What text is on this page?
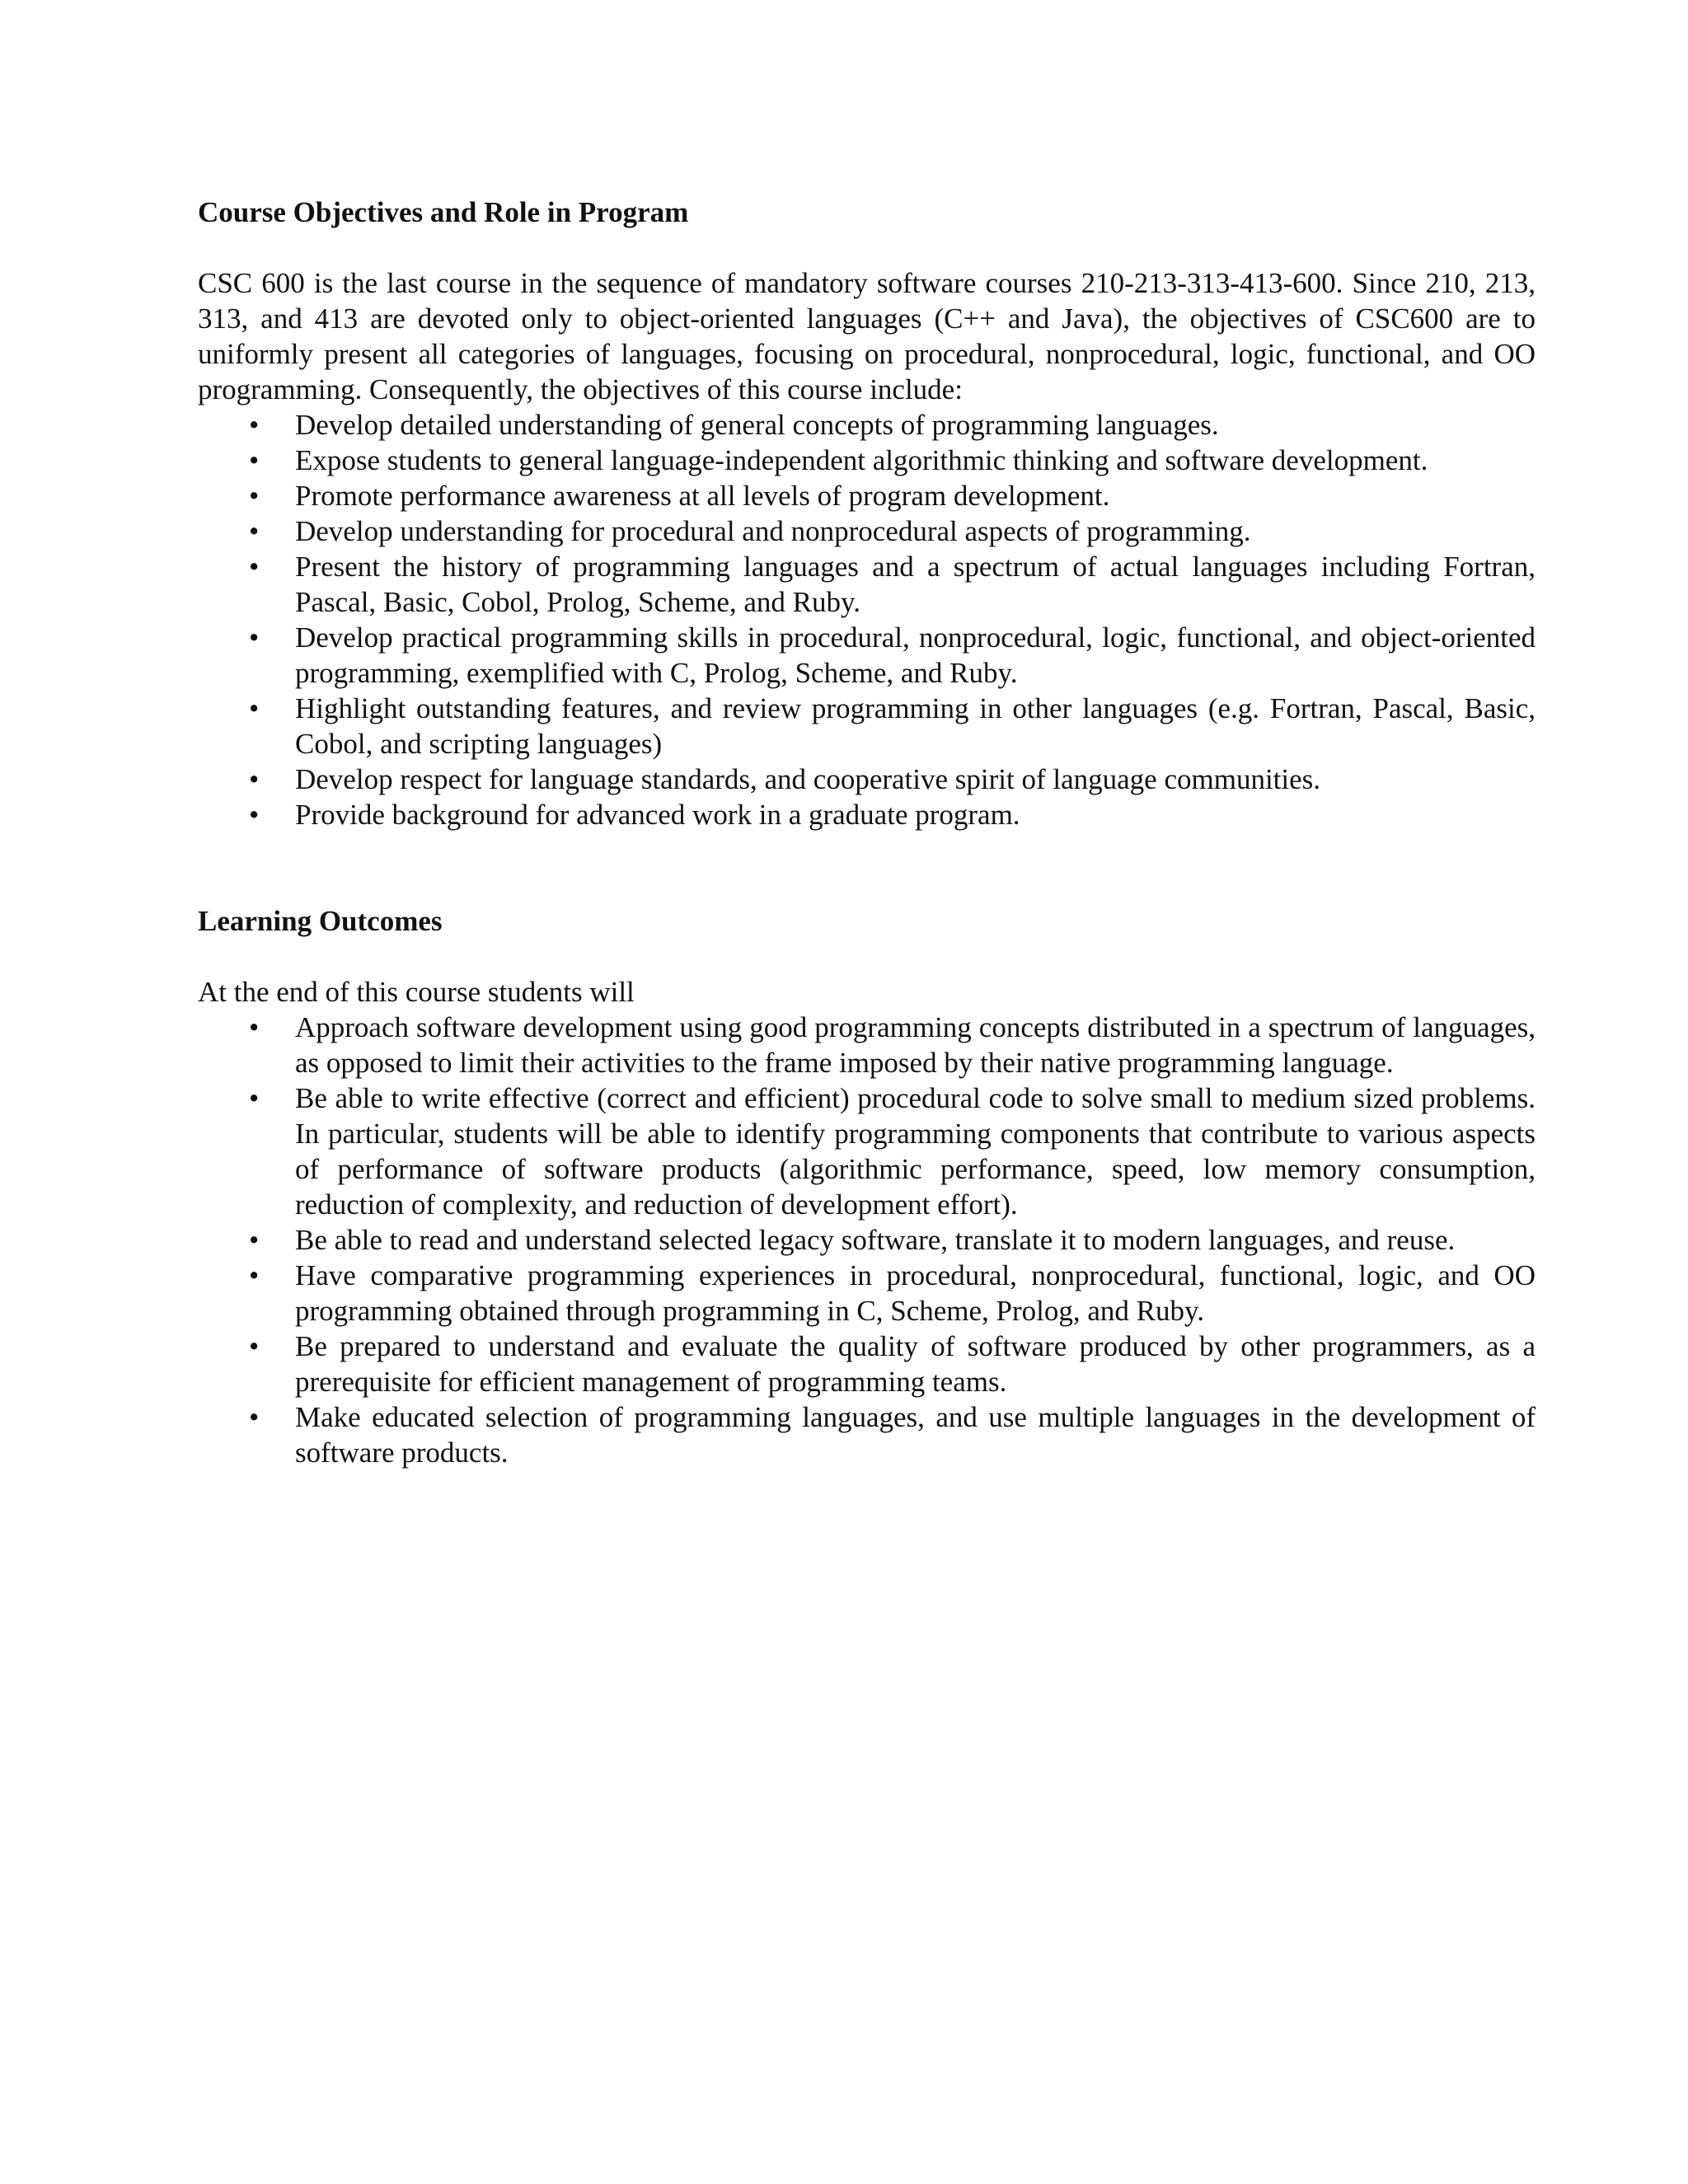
Course Objectives and Role in Program

CSC 600 is the last course in the sequence of mandatory software courses 210-213-313-413-600. Since 210, 213, 313, and 413 are devoted only to object-oriented languages (C++ and Java), the objectives of CSC600 are to uniformly present all categories of languages, focusing on procedural, nonprocedural, logic, functional, and OO programming. Consequently, the objectives of this course include:

• Develop detailed understanding of general concepts of programming languages.
• Expose students to general language-independent algorithmic thinking and software development.
• Promote performance awareness at all levels of program development.
• Develop understanding for procedural and nonprocedural aspects of programming.
• Present the history of programming languages and a spectrum of actual languages including Fortran, Pascal, Basic, Cobol, Prolog, Scheme, and Ruby.
• Develop practical programming skills in procedural, nonprocedural, logic, functional, and object-oriented programming, exemplified with C, Prolog, Scheme, and Ruby.
• Highlight outstanding features, and review programming in other languages (e.g. Fortran, Pascal, Basic, Cobol, and scripting languages)
• Develop respect for language standards, and cooperative spirit of language communities.
• Provide background for advanced work in a graduate program.

Learning Outcomes

At the end of this course students will

• Approach software development using good programming concepts distributed in a spectrum of languages, as opposed to limit their activities to the frame imposed by their native programming language.
• Be able to write effective (correct and efficient) procedural code to solve small to medium sized problems. In particular, students will be able to identify programming components that contribute to various aspects of performance of software products (algorithmic performance, speed, low memory consumption, reduction of complexity, and reduction of development effort).
• Be able to read and understand selected legacy software, translate it to modern languages, and reuse.
• Have comparative programming experiences in procedural, nonprocedural, functional, logic, and OO programming obtained through programming in C, Scheme, Prolog, and Ruby.
• Be prepared to understand and evaluate the quality of software produced by other programmers, as a prerequisite for efficient management of programming teams.
• Make educated selection of programming languages, and use multiple languages in the development of software products.
